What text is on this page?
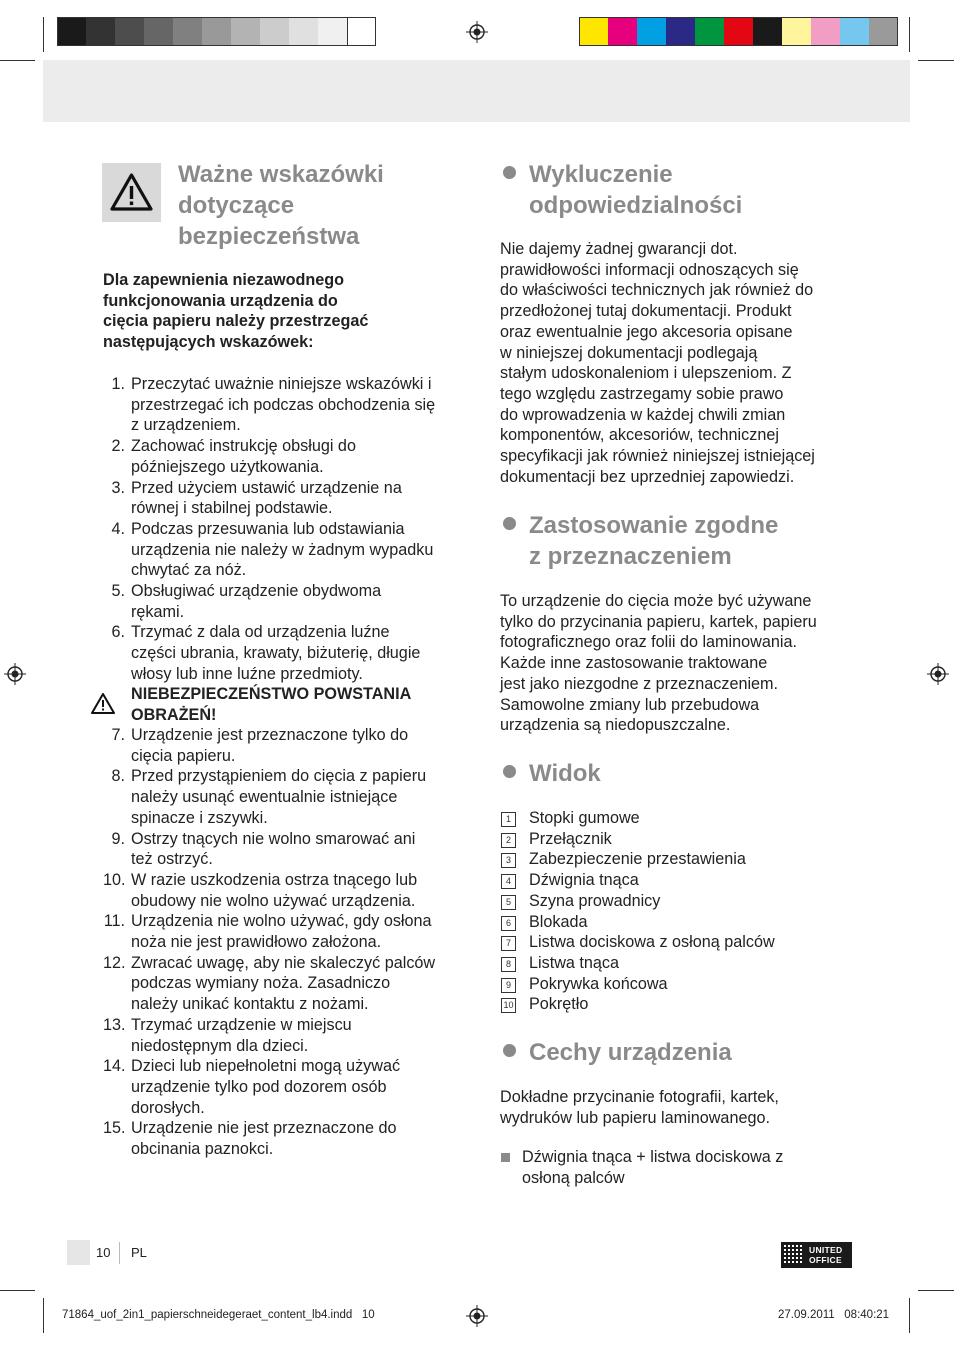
Ważne wskazówki
dotyczące
bezpieczeństwa
Dla zapewnienia niezawodnego
funkcjonowania urządzenia do
cięcia papieru należy przestrzegać
następujących wskazówek:
1. Przeczytać uważnie niniejsze wskazówki i
przestrzegać ich podczas obchodzenia się
z urządzeniem.
2. Zachować instrukcję obsługi do
późniejszego użytkowania.
3. Przed użyciem ustawić urządzenie na
równej i stabilnej podstawie.
4. Podczas przesuwania lub odstawiania
urządzenia nie należy w żadnym wypadku
chwytać za nóż.
5. Obsługiwać urządzenie obydwoma
rękami.
6. Trzymać z dala od urządzenia luźne
części ubrania, krawaty, biżuterię, długie
włosy lub inne luźne przedmioty.
NIEBEZPIECZEŃSTWO POWSTANIA
OBRAŻEŃ!
7. Urządzenie jest przeznaczone tylko do
cięcia papieru.
8. Przed przystąpieniem do cięcia z papieru
należy usunąć ewentualnie istniejące
spinacze i zszywki.
9. Ostrzy tnących nie wolno smarować ani
też ostrzyć.
10. W razie uszkodzenia ostrza tnącego lub
obudowy nie wolno używać urządzenia.
11. Urządzenia nie wolno używać, gdy osłona
noża nie jest prawidłowo założona.
12. Zwracać uwagę, aby nie skaleczyć palców
podczas wymiany noża. Zasadniczo
należy unikać kontaktu z nożami.
13. Trzymać urządzenie w miejscu
niedostępnym dla dzieci.
14. Dzieci lub niepełnoletni mogą używać
urządzenie tylko pod dozorem osób
dorosłych.
15. Urządzenie nie jest przeznaczone do
obcinania paznokci.
Wykluczenie
odpowiedzialności
Nie dajemy żadnej gwarancji dot.
prawidłowości informacji odnoszących się
do właściwości technicznych jak również do
przedłożonej tutaj dokumentacji. Produkt
oraz ewentualnie jego akcesoria opisane
w niniejszej dokumentacji podlegają
stałym udoskonaleniom i ulepszeniom. Z
tego względu zastrzegamy sobie prawo
do wprowadzenia w każdej chwili zmian
komponentów, akcesoriów, technicznej
specyfikacji jak również niniejszej istniejącej
dokumentacji bez uprzedniej zapowiedzi.
Zastosowanie zgodne
z przeznaczeniem
To urządzenie do cięcia może być używane
tylko do przycinania papieru, kartek, papieru
fotograficznego oraz folii do laminowania.
Każde inne zastosowanie traktowane
jest jako niezgodne z przeznaczeniem.
Samowolne zmiany lub przebudowa
urządzenia są niedopuszczalne.
Widok
1	Stopki gumowe
2	Przełącznik
3	Zabezpieczenie przestawienia
4	Dźwignia tnąca
5	Szyna prowadnicy
6	Blokada
7	Listwa dociskowa z osłoną palców
8	Listwa tnąca
9	Pokrywka końcowa
10 Pokrętło
Cechy urządzenia
Dokładne przycinanie fotografii, kartek,
wydruków lub papieru laminowanego.
Dźwignia tnąca + listwa dociskowa z
osłoną palców
10 PL	UNITED
OFFICE
71864_uof_2in1_papierschneidegeraet_content_lb4.indd   10	27.09.2011   08:40:21
